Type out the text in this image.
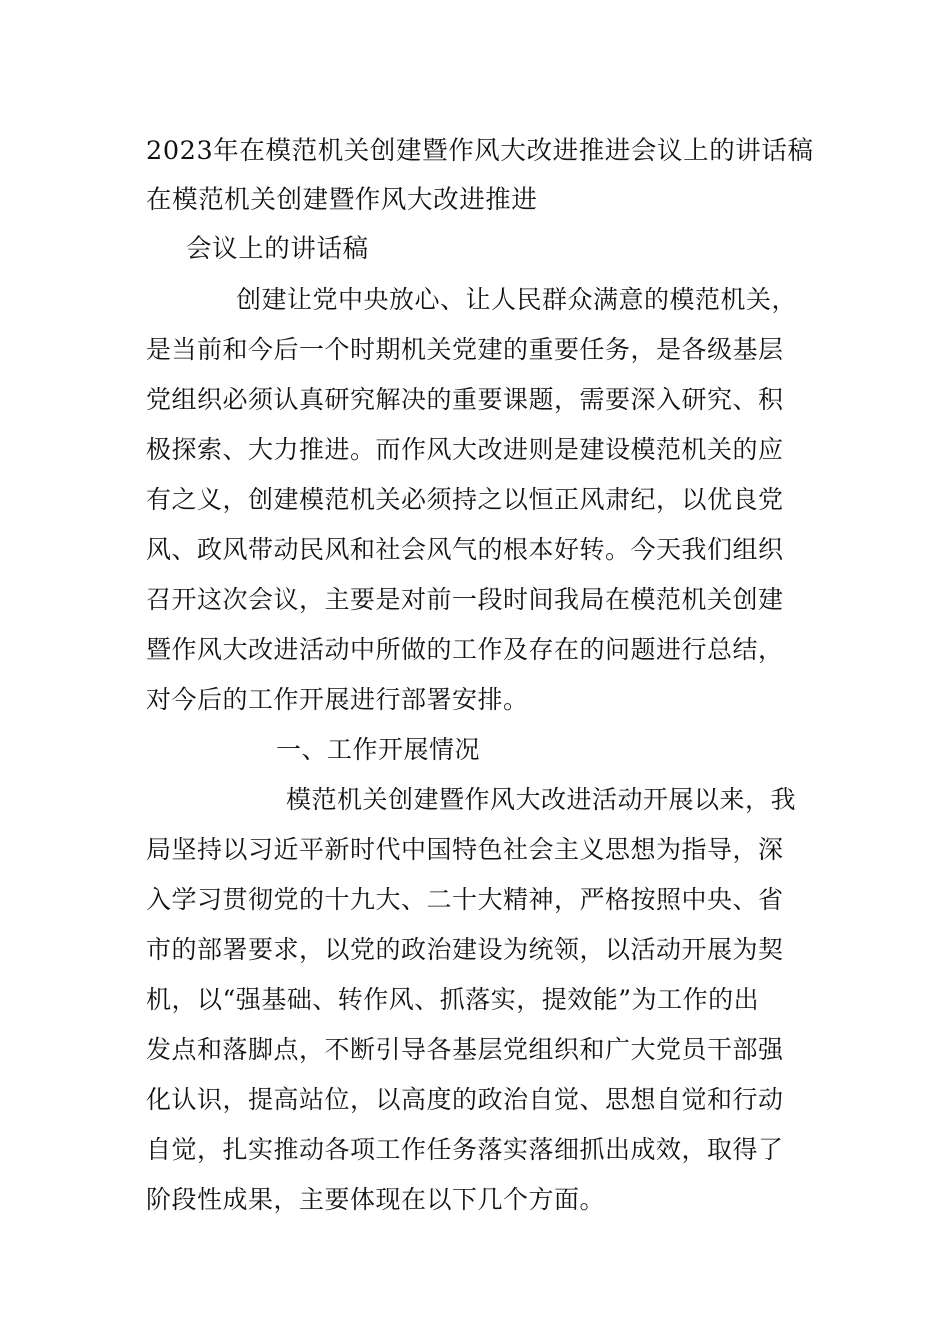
2023年在模范机关创建暨作风大改进推进会议上的讲话稿
在模范机关创建暨作风大改进推进
会议上的讲话稿
创建让党中央放心、让人民群众满意的模范机关，
是当前和今后一个时期机关党建的重要任务，是各级基层
党组织必须认真研究解决的重要课题，需要深入研究、积
极探索、大力推进。而作风大改进则是建设模范机关的应
有之义，创建模范机关必须持之以恒正风肃纪，以优良党
风、政风带动民风和社会风气的根本好转。今天我们组织
召开这次会议，主要是对前一段时间我局在模范机关创建
暨作风大改进活动中所做的工作及存在的问题进行总结，
对今后的工作开展进行部署安排。
一、工作开展情况
模范机关创建暨作风大改进活动开展以来，我
局坚持以习近平新时代中国特色社会主义思想为指导，深
入学习贯彻党的十九大、二十大精神，严格按照中央、省
市的部署要求，以党的政治建设为统领，以活动开展为契
机，以“强基础、转作风、抓落实，提效能”为工作的出
发点和落脚点，不断引导各基层党组织和广大党员干部强
化认识，提高站位，以高度的政治自觉、思想自觉和行动
自觉，扎实推动各项工作任务落实落细抓出成效，取得了
阶段性成果，主要体现在以下几个方面。
